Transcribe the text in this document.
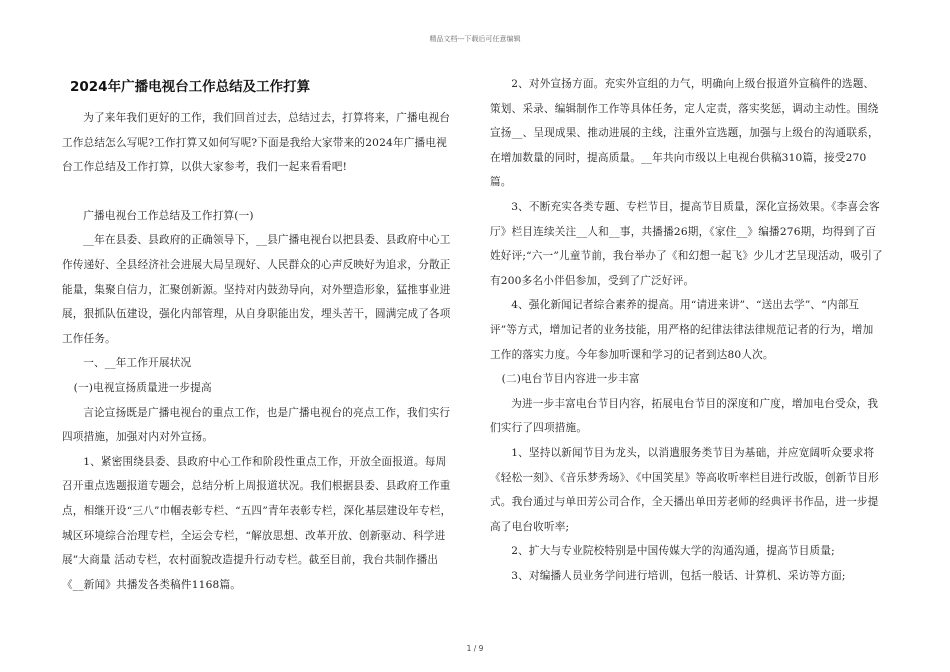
精品文档---下载后可任意编辑
2024年广播电视台工作总结及工作打算

为了来年我们更好的工作，我们回首过去，总结过去，打算将来，广播电视台工作总结怎么写呢?工作打算又如何写呢?下面是我给大家带来的2024年广播电视台工作总结及工作打算，以供大家参考，我们一起来看看吧!

广播电视台工作总结及工作打算(一)

__年在县委、县政府的正确领导下，__县广播电视台以把县委、县政府中心工作传递好、全县经济社会进展大局呈现好、人民群众的心声反映好为追求，分散正能量，集聚自信力，汇聚创新源。坚持对内鼓劲导向，对外塑造形象，猛推事业进展，狠抓队伍建设，强化内部管理，从自身职能出发，埋头苦干，圆满完成了各项工作任务。

一、__年工作开展状况

(一)电视宣扬质量进一步提高

言论宣扬既是广播电视台的重点工作，也是广播电视台的亮点工作，我们实行四项措施，加强对内对外宣扬。

1、紧密围绕县委、县政府中心工作和阶段性重点工作，开放全面报道。每周召开重点选题报道专题会，总结分析上周报道状况。我们根据县委、县政府工作重点，相继开设“三八”巾帼表彰专栏、“五四”青年表彰专栏，深化基层建设年专栏，城区环境综合治理专栏，全运会专栏，“解放思想、改革开放、创新驱动、科学进展”大商量 活动专栏，农村面貌改造提升行动专栏。截至目前，我台共制作播出《__新闻》共播发各类稿件1168篇。

2、对外宣扬方面。充实外宣组的力气，明确向上级台报道外宣稿件的选题、策划、采录、编辑制作工作等具体任务，定人定责，落实奖惩，调动主动性。围绕宣扬__、呈现成果、推动进展的主线，注重外宣选题，加强与上级台的沟通联系，在增加数量的同时，提高质量。__年共向市级以上电视台供稿310篇，接受270篇。

3、不断充实各类专题、专栏节目，提高节目质量，深化宣扬效果。《李喜会客厅》栏目连续关注__人和__事，共播播26期，《家住__》编播276期，均得到了百姓好评;“六一”儿童节前，我台举办了《和幻想一起飞》少儿才艺呈现活动，吸引了有200多名小伴侣参加，受到了广泛好评。

4、强化新闻记者综合素养的提高。用“请进来讲”、“送出去学”、“内部互评”等方式，增加记者的业务技能，用严格的纪律法律法律规范记者的行为，增加工作的落实力度。今年参加听课和学习的记者到达80人次。

(二)电台节目内容进一步丰富

为进一步丰富电台节目内容，拓展电台节目的深度和广度，增加电台受众，我们实行了四项措施。

1、坚持以新闻节目为龙头，以消遣服务类节目为基础，并应宽阔听众要求将《轻松一刻》、《音乐梦秀场》、《中国笑星》等高收听率栏目进行改版，创新节目形式。我台通过与单田芳公司合作，全天播出单田芳老师的经典评书作品，进一步提高了电台收听率;

2、扩大与专业院校特别是中国传媒大学的沟通沟通，提高节目质量;

3、对编播人员业务学问进行培训，包括一般话、计算机、采访等方面;

1 / 9
